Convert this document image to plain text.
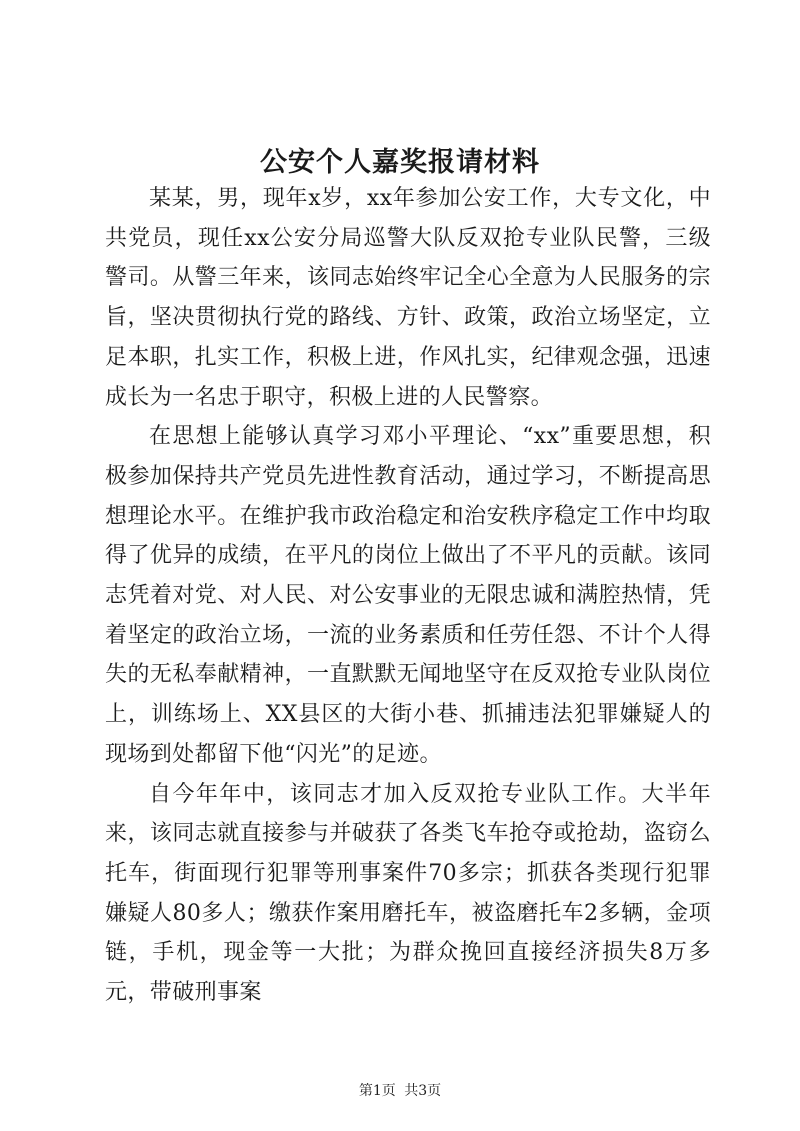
公安个人嘉奖报请材料

某某，男，现年x岁，xx年参加公安工作，大专文化，中共党员，现任xx公安分局巡警大队反双抢专业队民警，三级警司。从警三年来，该同志始终牢记全心全意为人民服务的宗旨，坚决贯彻执行党的路线、方针、政策，政治立场坚定，立足本职，扎实工作，积极上进，作风扎实，纪律观念强，迅速成长为一名忠于职守，积极上进的人民警察。

在思想上能够认真学习邓小平理论、“xx”重要思想，积极参加保持共产党员先进性教育活动，通过学习，不断提高思想理论水平。在维护我市政治稳定和治安秩序稳定工作中均取得了优异的成绩，在平凡的岗位上做出了不平凡的贡献。该同志凭着对党、对人民、对公安事业的无限忠诚和满腔热情，凭着坚定的政治立场，一流的业务素质和任劳任怨、不计个人得失的无私奉献精神，一直默默无闻地坚守在反双抢专业队岗位上，训练场上、XX县区的大街小巷、抓捕违法犯罪嫌疑人的现场到处都留下他“闪光”的足迹。

自今年年中，该同志才加入反双抢专业队工作。大半年来，该同志就直接参与并破获了各类飞车抢夺或抢劫，盗窃么托车，街面现行犯罪等刑事案件70多宗；抓获各类现行犯罪嫌疑人80多人；缴获作案用磨托车，被盗磨托车2多辆，金项链，手机，现金等一大批；为群众挽回直接经济损失8万多元，带破刑事案

第1页 共3页
